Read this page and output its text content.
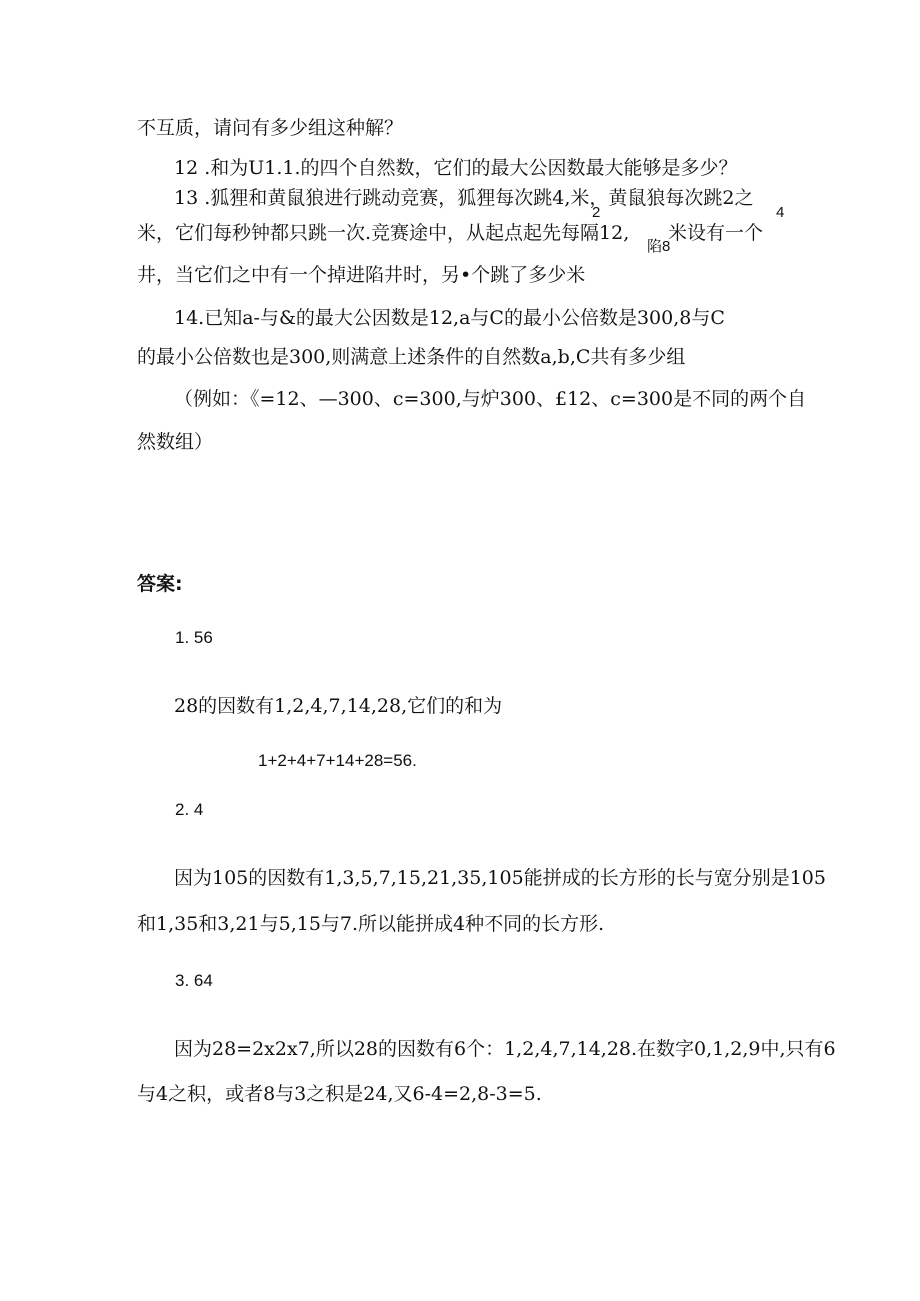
不互质，请问有多少组这种解？
12 .和为U1.1.的四个自然数，它们的最大公因数最大能够是多少？
13 .狐狸和黄鼠狼进行跳动竞赛，狐狸每次跳4,米，黄鼠狼每次跳2之
2	4
米，它们每秒钟都只跳一次.竞赛途中，从起点起先每隔12, 米设有一个
陷8
井，当它们之中有一个掉进陷井时，另•个跳了多少米
14.已知a-与&的最大公因数是12,a与C的最小公倍数是300,8与C
的最小公倍数也是300,则满意上述条件的自然数a,b,C共有多少组
（例如：《=12、—300、c=300,与炉300、£12、c=300是不同的两个自
然数组）
答案:
1. 56
28的因数有1,2,4,7,14,28,它们的和为
1+2+4+7+14+28=56.
2. 4
因为105的因数有1,3,5,7,15,21,35,105能拼成的长方形的长与宽分别是105
和1,35和3,21与5,15与7.所以能拼成4种不同的长方形.
3. 64
因为28=2x2x7,所以28的因数有6个：1,2,4,7,14,28.在数字0,1,2,9中,只有6
与4之积，或者8与3之积是24,又6-4=2,8-3=5.
